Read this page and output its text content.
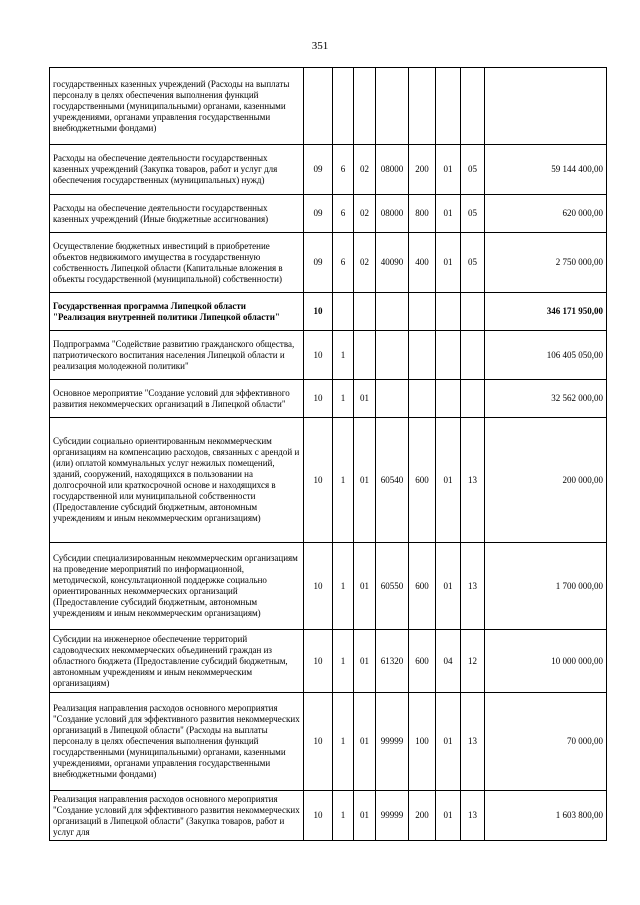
351
государственных казенных учреждений (Расходы на выплаты персоналу в целях обеспечения выполнения функций государственными (муниципальными) органами, казенными учреждениями, органами управления государственными внебюджетными фондами)								
Расходы на обеспечение деятельности государственных казенных учреждений (Закупка товаров, работ и услуг для обеспечения государственных (муниципальных) нужд)	09	6	02	08000	200	01	05	59 144 400,00
Расходы на обеспечение деятельности государственных казенных учреждений (Иные бюджетные ассигнования)	09	6	02	08000	800	01	05	620 000,00
Осуществление бюджетных инвестиций в приобретение объектов недвижимого имущества в государственную собственность Липецкой области (Капитальные вложения в объекты государственной (муниципальной) собственности)	09	6	02	40090	400	01	05	2 750 000,00
Государственная программа Липецкой области "Реализация внутренней политики Липецкой области"	10							346 171 950,00
Подпрограмма "Содействие развитию гражданского общества, патриотического воспитания населения Липецкой области и реализация молодежной политики"	10	1						106 405 050,00
Основное мероприятие "Создание условий для эффективного развития некоммерческих организаций в Липецкой области"	10	1	01					32 562 000,00
Субсидии социально ориентированным некоммерческим организациям на компенсацию расходов, связанных с арендой и (или) оплатой коммунальных услуг нежилых помещений, зданий, сооружений, находящихся в пользовании на долгосрочной или краткосрочной основе и находящихся в государственной или муниципальной собственности (Предоставление субсидий бюджетным, автономным учреждениям и иным некоммерческим организациям)	10	1	01	60540	600	01	13	200 000,00
Субсидии специализированным некоммерческим организациям на проведение мероприятий по информационной, методической, консультационной поддержке социально ориентированных некоммерческих организаций (Предоставление субсидий бюджетным, автономным учреждениям и иным некоммерческим организациям)	10	1	01	60550	600	01	13	1 700 000,00
Субсидии на инженерное обеспечение территорий садоводческих некоммерческих объединений граждан из областного бюджета (Предоставление субсидий бюджетным, автономным учреждениям и иным некоммерческим организациям)	10	1	01	61320	600	04	12	10 000 000,00
Реализация направления расходов основного мероприятия "Создание условий для эффективного развития некоммерческих организаций в Липецкой области" (Расходы на выплаты персоналу в целях обеспечения выполнения функций государственными (муниципальными) органами, казенными учреждениями, органами управления государственными внебюджетными фондами)	10	1	01	99999	100	01	13	70 000,00
Реализация направления расходов основного мероприятия "Создание условий для эффективного развития некоммерческих организаций в Липецкой области" (Закупка товаров, работ и услуг для	10	1	01	99999	200	01	13	1 603 800,00
